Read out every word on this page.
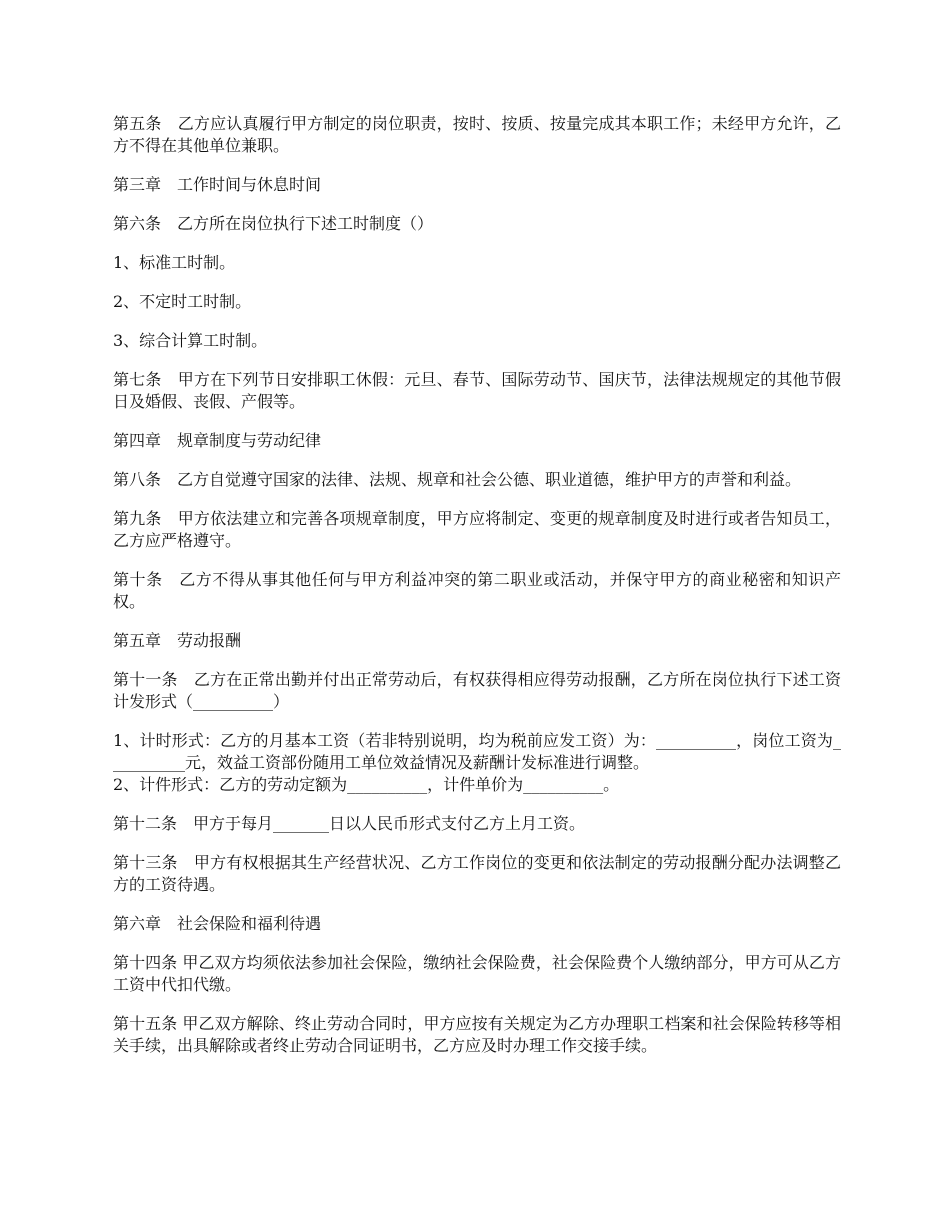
第五条　乙方应认真履行甲方制定的岗位职责，按时、按质、按量完成其本职工作；未经甲方允许，乙方不得在其他单位兼职。

第三章　工作时间与休息时间

第六条　乙方所在岗位执行下述工时制度（）

1、标准工时制。

2、不定时工时制。

3、综合计算工时制。

第七条　甲方在下列节日安排职工休假：元旦、春节、国际劳动节、国庆节，法律法规规定的其他节假日及婚假、丧假、产假等。

第四章　规章制度与劳动纪律

第八条　乙方自觉遵守国家的法律、法规、规章和社会公德、职业道德，维护甲方的声誉和利益。

第九条　甲方依法建立和完善各项规章制度，甲方应将制定、变更的规章制度及时进行或者告知员工，乙方应严格遵守。

第十条　乙方不得从事其他任何与甲方利益冲突的第二职业或活动，并保守甲方的商业秘密和知识产权。

第五章　劳动报酬

第十一条　乙方在正常出勤并付出正常劳动后，有权获得相应得劳动报酬，乙方所在岗位执行下述工资计发形式（__________）

1、计时形式：乙方的月基本工资（若非特别说明，均为税前应发工资）为：__________，岗位工资为__________元，效益工资部份随用工单位效益情况及薪酬计发标准进行调整。

2、计件形式：乙方的劳动定额为__________，计件单价为__________。

第十二条　甲方于每月_______日以人民币形式支付乙方上月工资。

第十三条　甲方有权根据其生产经营状况、乙方工作岗位的变更和依法制定的劳动报酬分配办法调整乙方的工资待遇。

第六章　社会保险和福利待遇

第十四条 甲乙双方均须依法参加社会保险，缴纳社会保险费，社会保险费个人缴纳部分，甲方可从乙方工资中代扣代缴。

第十五条 甲乙双方解除、终止劳动合同时，甲方应按有关规定为乙方办理职工档案和社会保险转移等相关手续，出具解除或者终止劳动合同证明书，乙方应及时办理工作交接手续。
